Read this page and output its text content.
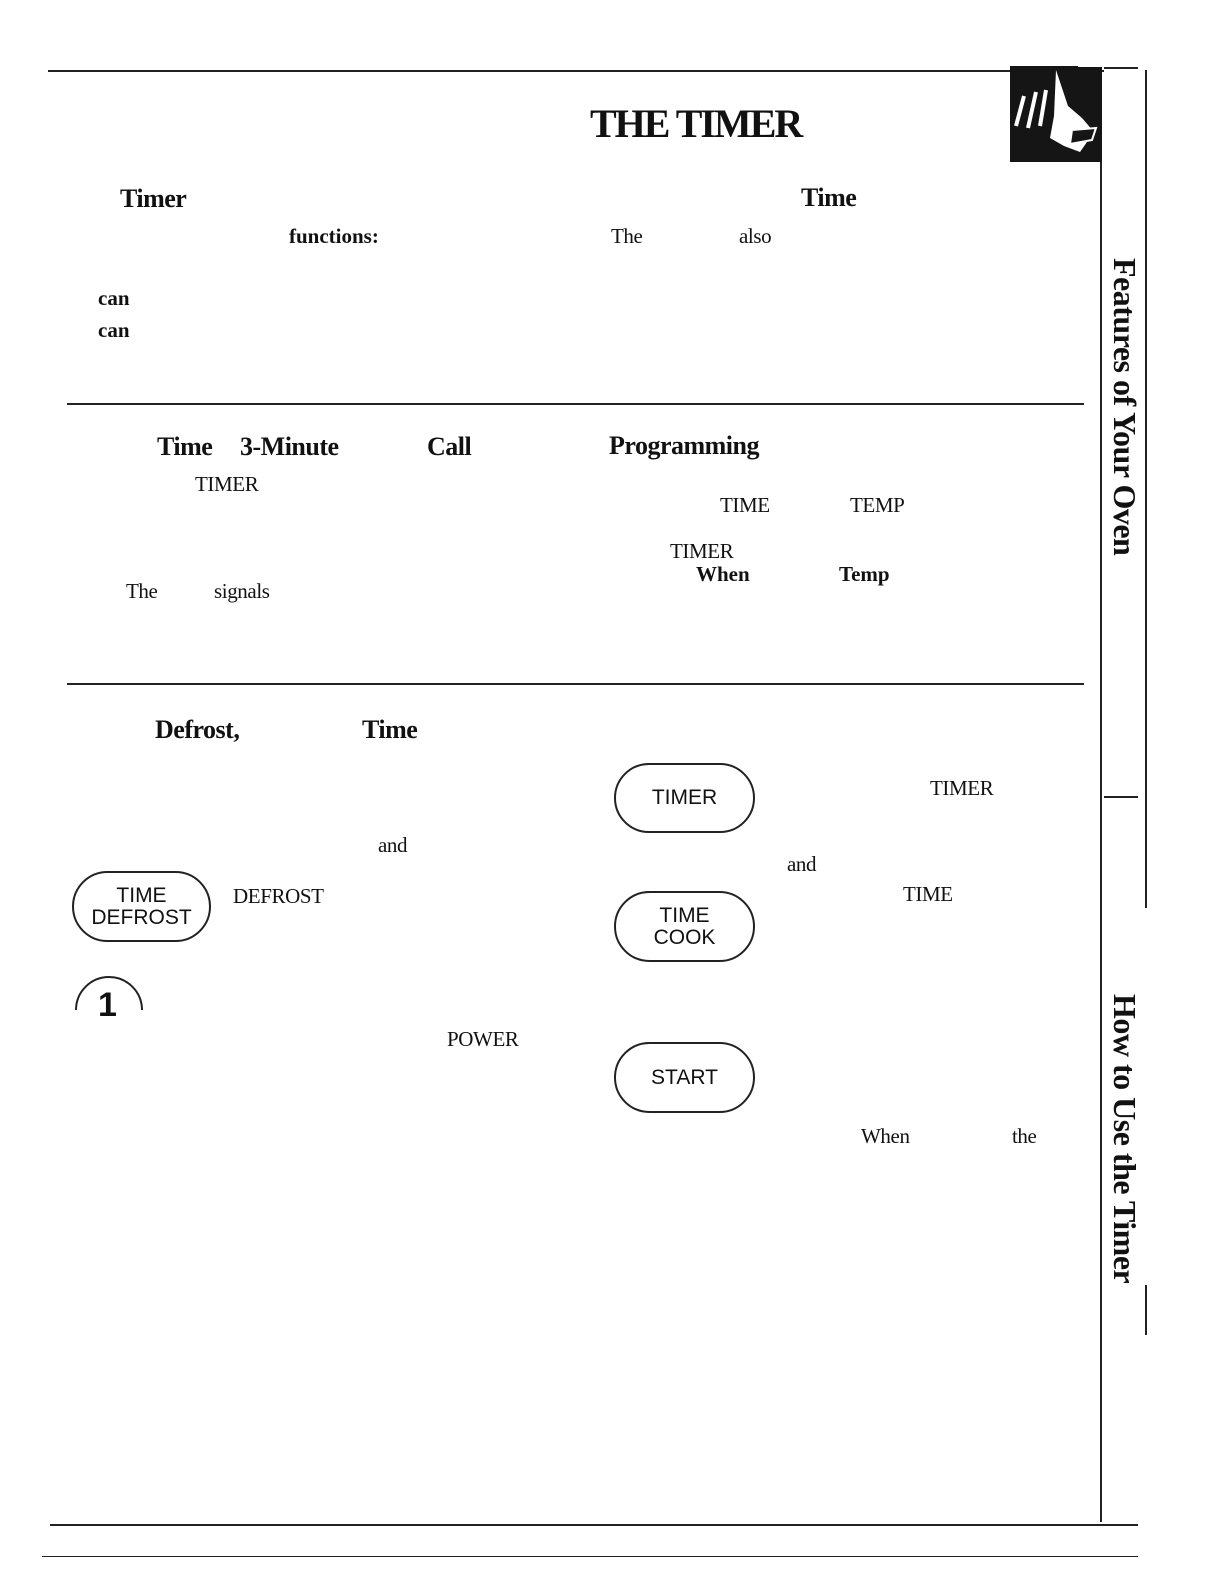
THE TIMER
Features of Your Oven
How to Use the Timer
Timer
functions:
can
can
Time
The	also
Time 3-Minute	Call
TIMER
The	signals
Programming
TIME	TEMP
TIMER
When	Temp
Defrost,	Time
and
TIME
DEFROST
DEFROST
1
POWER
TIMER	TIMER
and
TIME
TIME
COOK
START
When	the
